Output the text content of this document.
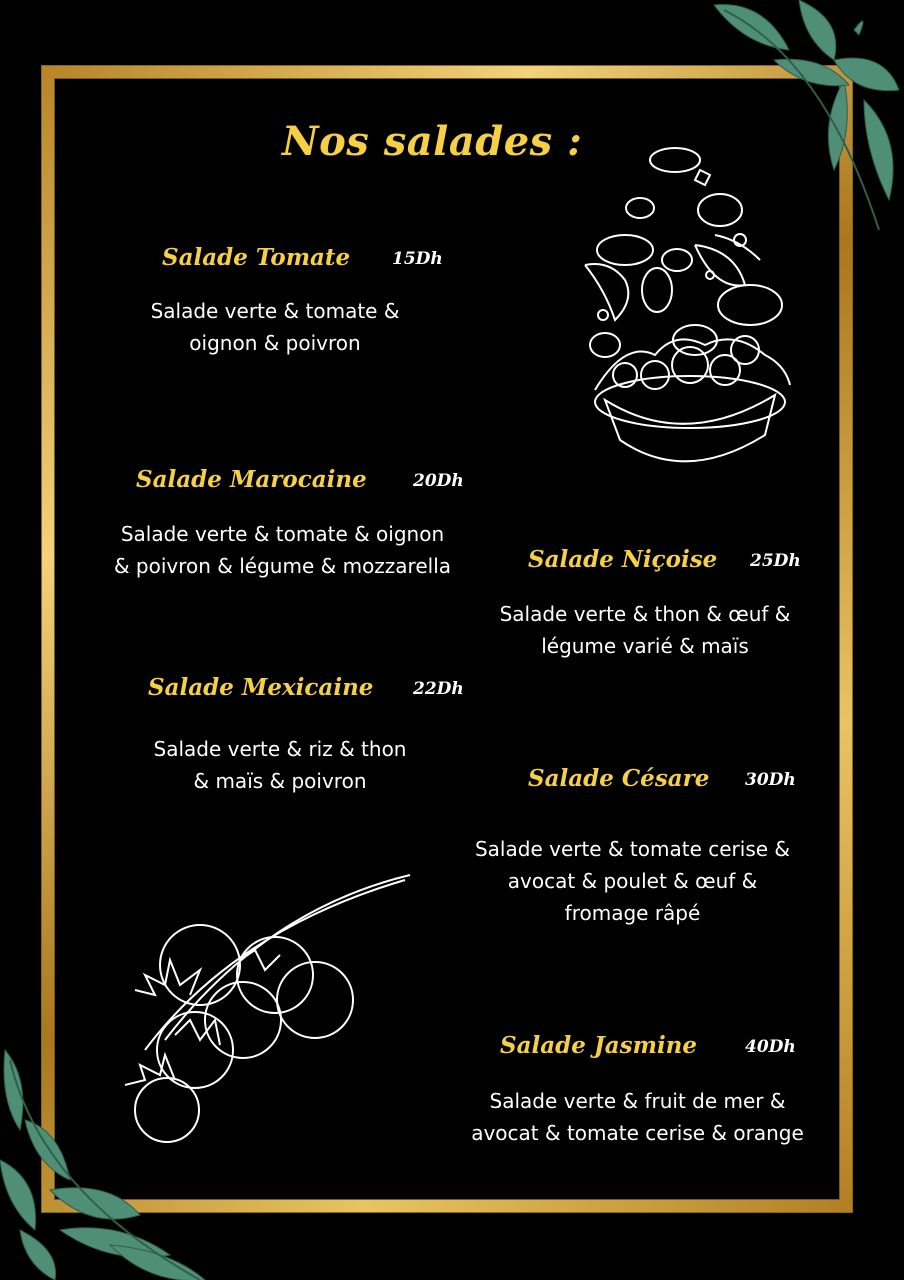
Nos salades :
Salade Tomate 15Dh
Salade verte & tomate &
oignon & poivron
Salade Marocaine	20Dh
Salade verte & tomate & oignon
& poivron & légume & mozzarella	Salade Niçoise 25Dh
Salade verte & thon & œuf &
légume varié & maïs
Salade Mexicaine 22Dh
Salade verte & riz & thon
& maïs & poivron	Salade Césare 30Dh
Salade verte & tomate cerise &
avocat & poulet & œuf &
fromage râpé
Salade Jasmine	40Dh
Salade verte & fruit de mer &
avocat & tomate cerise & orange
